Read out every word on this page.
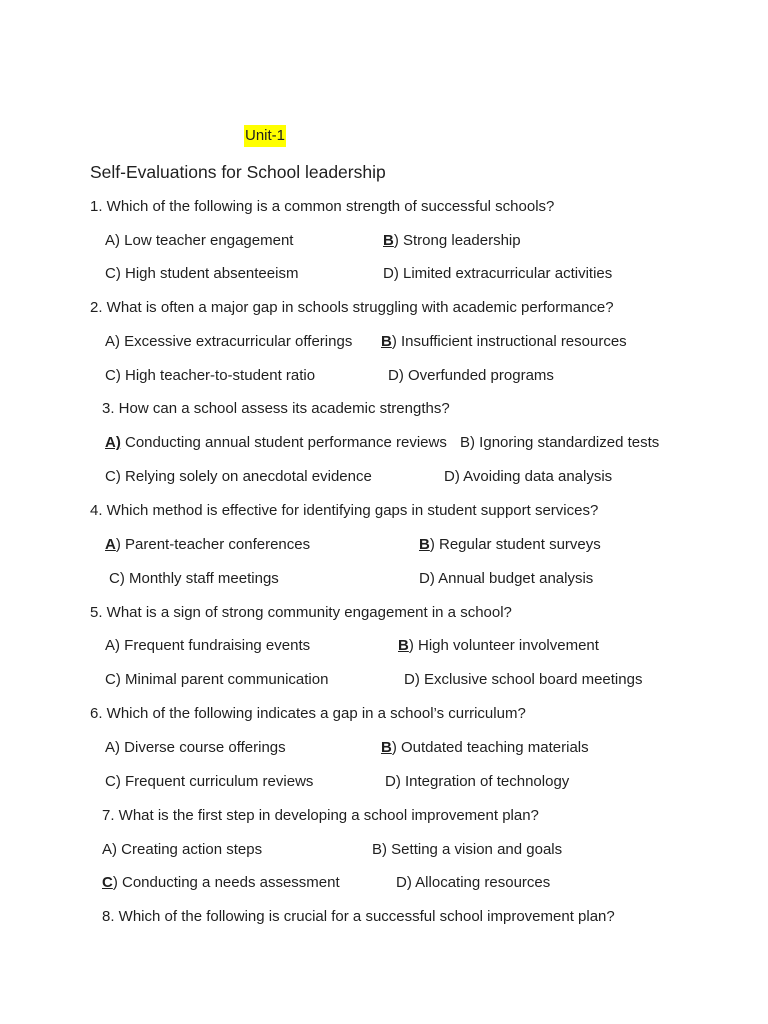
Unit-1
Self-Evaluations for School leadership
1. Which of the following is a common strength of successful schools?
A) Low teacher engagement	B) Strong leadership
C) High student absenteeism	D) Limited extracurricular activities
2. What is often a major gap in schools struggling with academic performance?
A) Excessive extracurricular offerings B) Insufficient instructional resources
C) High teacher-to-student ratio	D) Overfunded programs
3. How can a school assess its academic strengths?
A) Conducting annual student performance reviews B) Ignoring standardized tests
C) Relying solely on anecdotal evidence	D) Avoiding data analysis
4. Which method is effective for identifying gaps in student support services?
A) Parent-teacher conferences	B) Regular student surveys
C) Monthly staff meetings	D) Annual budget analysis
5. What is a sign of strong community engagement in a school?
A) Frequent fundraising events	B) High volunteer involvement
C) Minimal parent communication	D) Exclusive school board meetings
6. Which of the following indicates a gap in a school’s curriculum?
A) Diverse course offerings	B) Outdated teaching materials
C) Frequent curriculum reviews	D) Integration of technology
7. What is the first step in developing a school improvement plan?
A) Creating action steps	B) Setting a vision and goals
C) Conducting a needs assessment	D) Allocating resources
8. Which of the following is crucial for a successful school improvement plan?
